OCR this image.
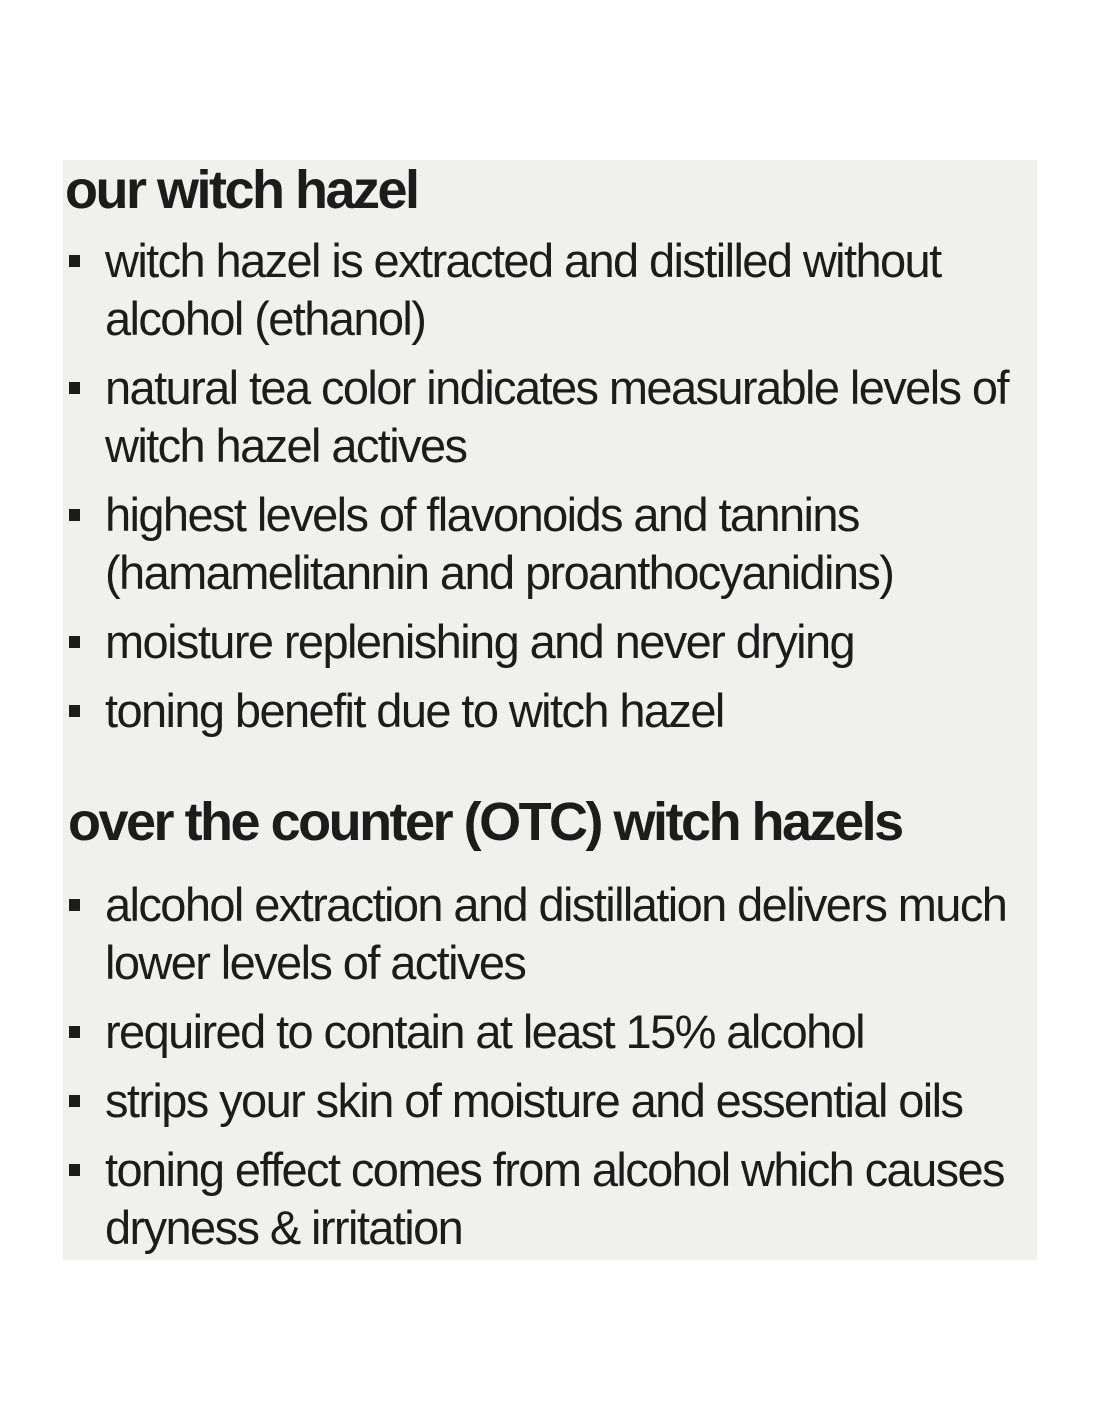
our witch hazel
witch hazel is extracted and distilled without alcohol (ethanol)
natural tea color indicates measurable levels of witch hazel actives
highest levels of flavonoids and tannins (hamamelitannin and proanthocyanidins)
moisture replenishing and never drying
toning benefit due to witch hazel
over the counter (OTC) witch hazels
alcohol extraction and distillation delivers much lower levels of actives
required to contain at least 15% alcohol
strips your skin of moisture and essential oils
toning effect comes from alcohol which causes dryness & irritation
